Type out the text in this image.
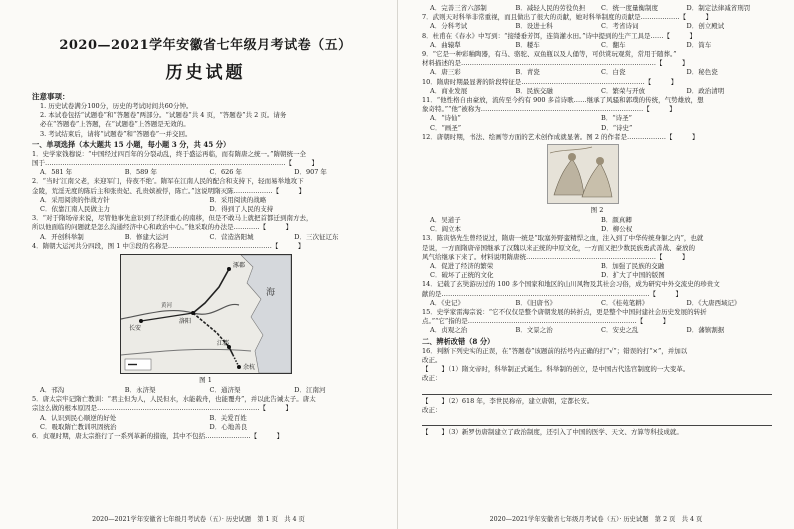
2020—2021学年安徽省七年级月考试卷（五）
历史试题
注意事项：
1. 历史试卷满分100分，历史的考试时间共60分钟。
2. 本试卷包括“试题卷”和“答题卷”两部分。“试题卷”共 4 页，“答题卷”共 2 页。请务
必在“答题卷”上答题，在“试题卷”上答题是无效的。
3. 考试结束后，请将“试题卷”和“答题卷”一并交回。
一、单项选择（本大题共 15 小题，每小题 3 分，共 45 分）
1．史学家钱穆说：“中国经过四百年的分裂动乱，终于盛运再临，而有隋唐之统一。”隋朝统一全
国于…………………………………………………………………………………………………【　　　】
A．581 年	B．589 年	C．626 年	D．907 年
2．“当时‘江南父老，来迎军门，侍夜不绝’。隋军在江南人民的配合和支持下，轻而易举地攻下
金陵，荒淫无度的陈后主和张贵妃、孔贵嫔被俘，陈亡。”这说明隋灭陈………………【　　　】
A．采用阅读的作战方针	B．采用阅读的战略
C．依靠江南人民做主力	D．得到了人民的支持
3．“对于隋场帝来说，尽管他事先意识到了经济重心的南移，但是不敢马上就把首都迁到南方去，
所以他面临的问题就是怎么沟通经济中心和政治中心。”他采取的办法是…………【　　　】
A．开创科举制	B．修建大运河	C．营造洛阳城	D．三次征辽东
4．隋朝大运河共分四段，图 1 中③段的名称是…………………………………………【　　　】
涿郡
海
长安
洛阳
黄河
江都
余杭
图 1
A．邗沟	B．永济渠	C．通济渠	D．江南河
5．唐太宗牢记隋亡教训：“君主但为人，人民但水，水能载舟，也能覆舟”，并以此告诫太子。唐太
宗这么做的根本原因是…………………………………………………………………【　　　】
A．认识到民心顺逆的好处	B．关爱百姓
C．吸取隋亡教训巩固统治	D．心地善良
6．贞观时期，唐太宗推行了一系列革新的措施，其中不包括…………………【　　　】
2020—2021学年安徽省七年级月考试卷（五）· 历史试题　第 1 页　共 4 页
A．完善三省六部制	B．减轻人民的劳役负担	C．统一度量衡制度	D．制定法律减省刑罚
7．武则天对科举非常重视，而且做出了很大的贡献，她对科举制度的贡献是………………【　　　】
A．分科考试	B．设进士科	C．考省诗词	D．创立殿试
8．杜甫在《春水》中写到：“接缕垂芳饵，连筒灌水田。”诗中提到的生产工具是……【　　　】
A．曲辕犁	B．耧车	C．翻车	D．筒车
9．“它是一种彩釉陶器，有马、骆驼、双鱼瓶以及人俑等，可供赏玩观赏，常用于随葬。”
材料描述的是………………………………………………………………………………【　　　】
A．唐三彩	B．青瓷	C．白瓷	D．秘色瓷
10．隋唐时期最显著的阶段特征是…………………………………………………【　　　】
A．商业发展	B．民族交融	C．繁荣与开放	D．政治清明
11．“他性格自由豪放，流传至今约有 900 多首诗歌……继承了风骚和郭璞的传统，气势雄放，想
象奇特。”“他”被称为…………………………………………………………………【　　　】
A．“诗仙”	B．“诗圣”
C．“画圣”	D．“诗史”
12．唐朝时期，书法、绘画等方面的艺术创作成就显著。图 2 的作者是………………【　　　】
图 2
A．吴道子	B．颜真卿
C．阎立本	D．柳公权
13．陈寅恪先生曾经说过，隋唐一统是“取塞外野蛮精悍之血，注入到了中华传统身躯之内”，也就
是说，一方面隋唐帝国继承了汉魏以来正统的中原文化，一方面又把少数民族勇武善战、豪放的
风气给继承下来了。材料说明隋唐统……………………………………………………【　　　】
A．促进了经济的繁荣	B．加强了民族的交融
C．破坏了正统的文化	D．扩大了中国的版图
14．记载了玄奘游历过的 100 多个国家和地区的山川风物及其社会习俗，成为研究中外交流史的珍贵文
献的是……………………………………………………………………………………【　　　】
A．《史记》	B．《旧唐书》	C．《桂苑笔耕》	D．《大唐西域记》
15．史学家雷海宗说：“它不仅仅是整个唐朝发展的转折点，更是整个中国封建社会历史发展的转折
点。”“它”指的是……………………………………………………………………【　　　】
A．贞观之治	B．文景之治	C．安史之乱	D．藩镇割据
二、辨析改错（8 分）
16．判断下列史实的正误，在“答题卷”该题前的括号内正确的打“√”；错误的打“×”，并加以
改正。
【　　】（1）隋文帝时，科举制正式诞生。科举制的创立，是中国古代选官制度的一大变革。
改正：
【　　】（2）618 年，李世民称帝，建立唐朝，定都长安。
改正：
【　　】（3）新罗仿唐制建立了政治制度，还引入了中国的医学、天文、方算等科技成就。
2020—2021学年安徽省七年级月考试卷（五）· 历史试题　第 2 页　共 4 页
